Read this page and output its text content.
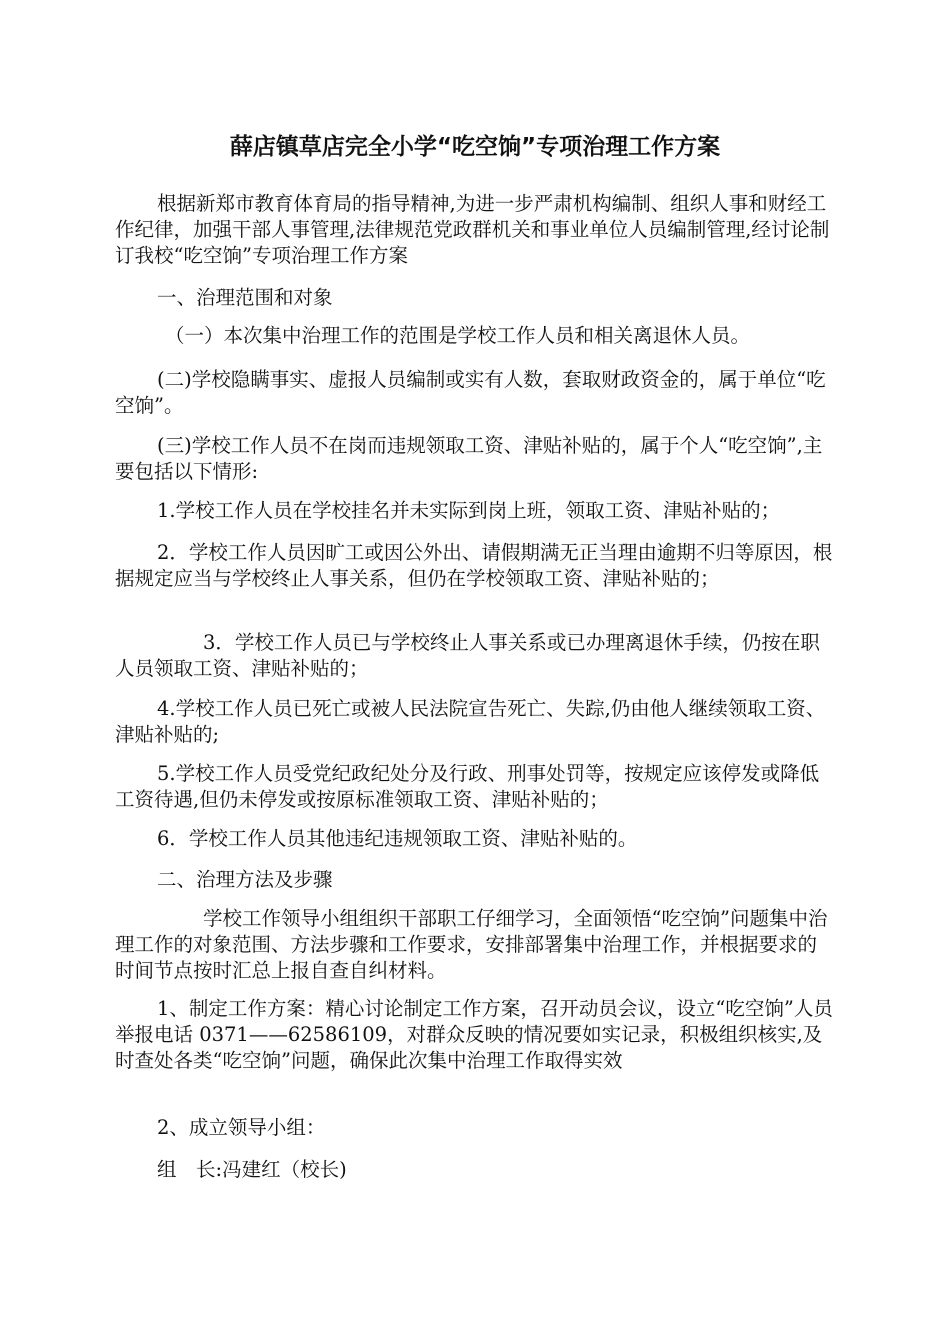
薛店镇草店完全小学“吃空饷”专项治理工作方案

根据新郑市教育体育局的指导精神,为进一步严肃机构编制、组织人事和财经工作纪律，加强干部人事管理,法律规范党政群机关和事业单位人员编制管理,经讨论制订我校“吃空饷”专项治理工作方案

一、治理范围和对象

（一）本次集中治理工作的范围是学校工作人员和相关离退休人员。

(二)学校隐瞒事实、虚报人员编制或实有人数，套取财政资金的，属于单位“吃空饷”。

(三)学校工作人员不在岗而违规领取工资、津贴补贴的，属于个人“吃空饷”,主要包括以下情形:

1.学校工作人员在学校挂名并未实际到岗上班，领取工资、津贴补贴的；

2．学校工作人员因旷工或因公外出、请假期满无正当理由逾期不归等原因，根据规定应当与学校终止人事关系，但仍在学校领取工资、津贴补贴的；

3．学校工作人员已与学校终止人事关系或已办理离退休手续，仍按在职人员领取工资、津贴补贴的；

4.学校工作人员已死亡或被人民法院宣告死亡、失踪,仍由他人继续领取工资、津贴补贴的;

5.学校工作人员受党纪政纪处分及行政、刑事处罚等，按规定应该停发或降低工资待遇,但仍未停发或按原标准领取工资、津贴补贴的；

6．学校工作人员其他违纪违规领取工资、津贴补贴的。

二、治理方法及步骤

学校工作领导小组组织干部职工仔细学习，全面领悟“吃空饷”问题集中治理工作的对象范围、方法步骤和工作要求，安排部署集中治理工作，并根据要求的时间节点按时汇总上报自查自纠材料。

1、制定工作方案：精心讨论制定工作方案，召开动员会议，设立“吃空饷”人员举报电话 0371——62586109，对群众反映的情况要如实记录，积极组织核实,及时查处各类“吃空饷”问题，确保此次集中治理工作取得实效

2、成立领导小组：

组　长:冯建红（校长)
